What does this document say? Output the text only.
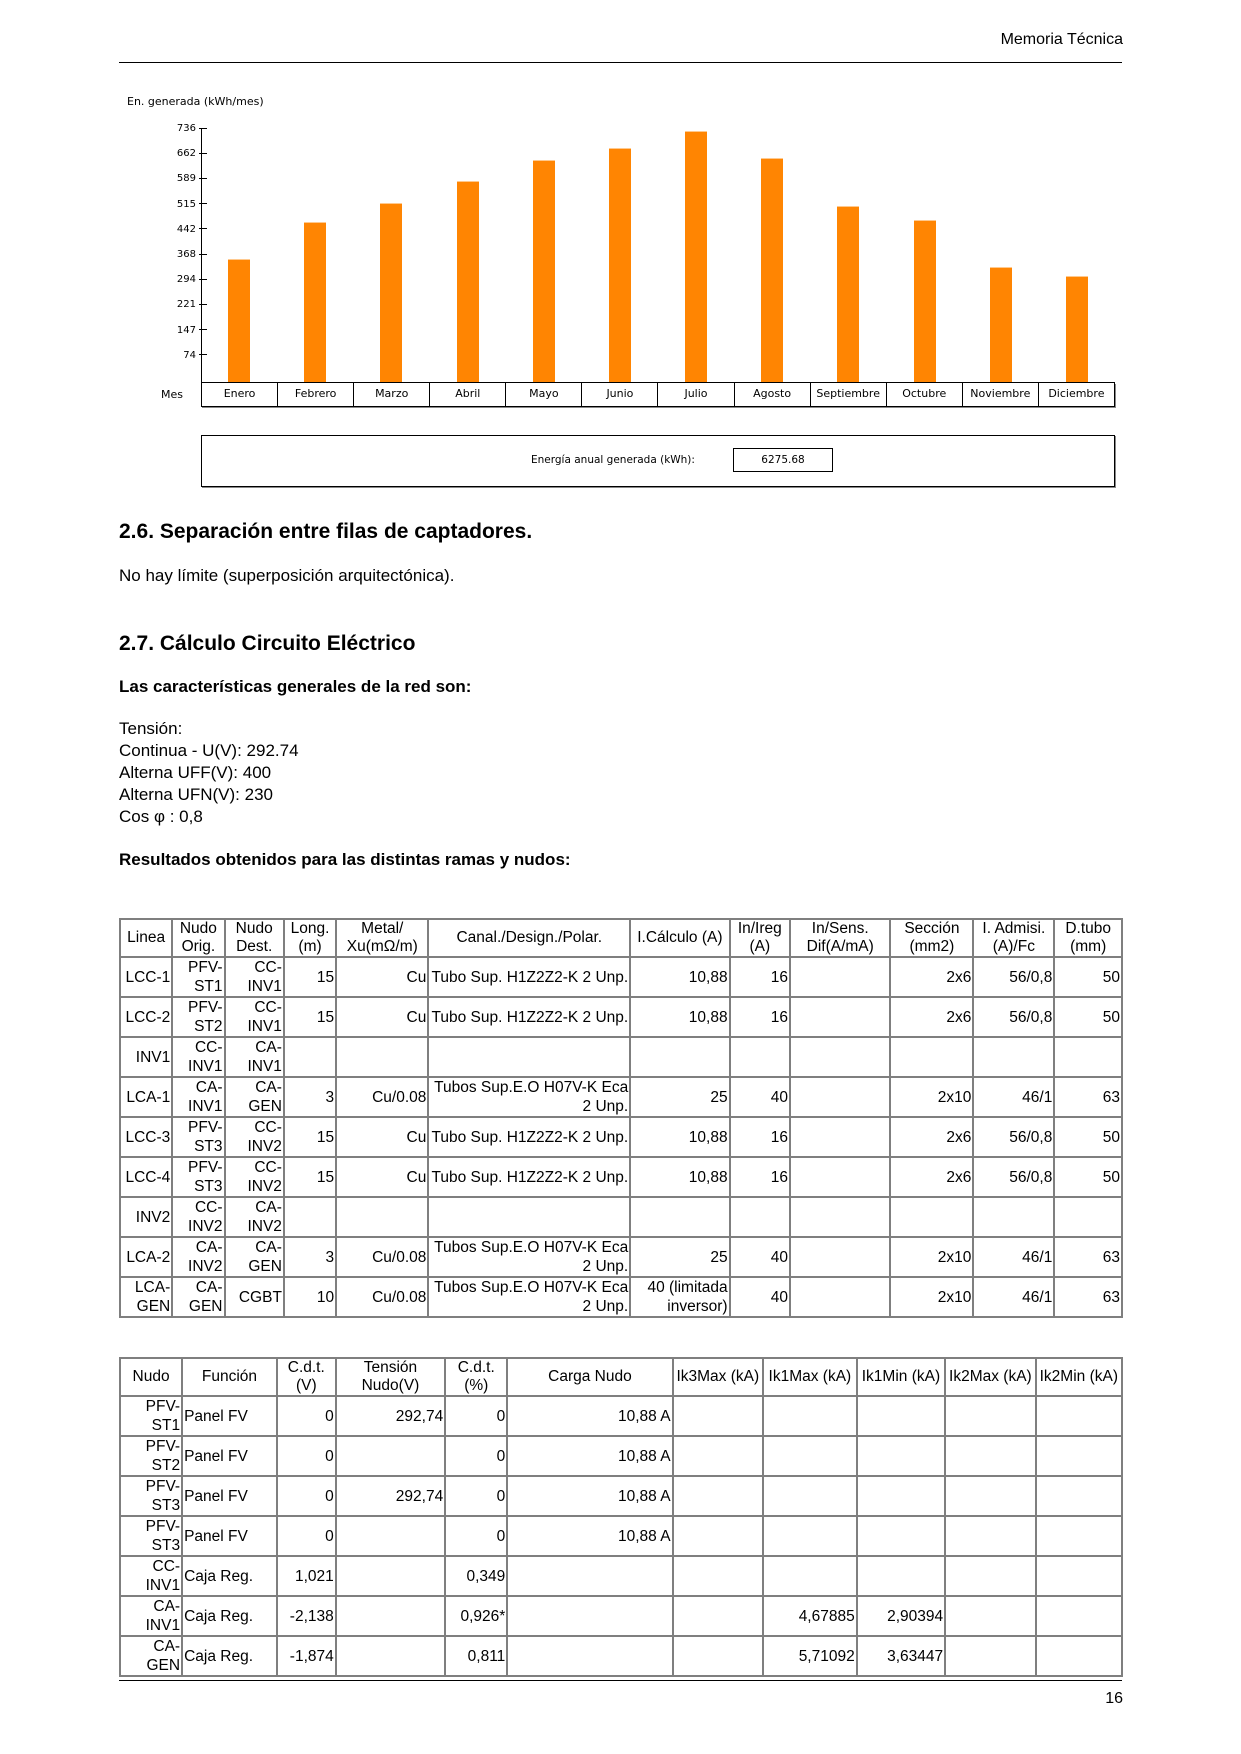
Memoria Técnica
En. generada (kWh/mes)
736
662
589
515
442
368
294
221
147
74
Mes	Enero	Febrero	Marzo	Abril	Mayo	Junio	Julio	Agosto	Septiembre	Octubre	Noviembre	Diciembre
Energía anual generada (kWh):	6275.68
2.6. Separación entre filas de captadores.
No hay límite (superposición arquitectónica).
2.7. Cálculo Circuito Eléctrico
Las características generales de la red son:
Tensión:
Continua - U(V): 292.74
Alterna UFF(V): 400
Alterna UFN(V): 230
Cos φ : 0,8
Resultados obtenidos para las distintas ramas y nudos:
Linea	Nudo Orig.	Nudo Dest.	Long. (m)	Metal/ Xu(mΩ/m)	Canal./Design./Polar.	I.Cálculo (A)	In/Ireg (A)	In/Sens. Dif(A/mA)	Sección (mm2)	I. Admisi. (A)/Fc	D.tubo (mm)
LCC-1	PFV-ST1	CC-INV1	15	Cu	Tubo Sup. H1Z2Z2-K 2 Unp.	10,88	16		2x6	56/0,8	50
LCC-2	PFV-ST2	CC-INV1	15	Cu	Tubo Sup. H1Z2Z2-K 2 Unp.	10,88	16		2x6	56/0,8	50
INV1	CC-INV1	CA-INV1									
LCA-1	CA-INV1	CA-GEN	3	Cu/0.08	Tubos Sup.E.O H07V-K Eca 2 Unp.	25	40		2x10	46/1	63
LCC-3	PFV-ST3	CC-INV2	15	Cu	Tubo Sup. H1Z2Z2-K 2 Unp.	10,88	16		2x6	56/0,8	50
LCC-4	PFV-ST3	CC-INV2	15	Cu	Tubo Sup. H1Z2Z2-K 2 Unp.	10,88	16		2x6	56/0,8	50
INV2	CC-INV2	CA-INV2									
LCA-2	CA-INV2	CA-GEN	3	Cu/0.08	Tubos Sup.E.O H07V-K Eca 2 Unp.	25	40		2x10	46/1	63
LCA-GEN	CA-GEN	CGBT	10	Cu/0.08	Tubos Sup.E.O H07V-K Eca 2 Unp.	40 (limitada inversor)	40		2x10	46/1	63
Nudo	Función	C.d.t.(V)	Tensión Nudo(V)	C.d.t.(%)	Carga Nudo	Ik3Max (kA)	Ik1Max (kA)	Ik1Min (kA)	Ik2Max (kA)	Ik2Min (kA)
PFV-ST1	Panel FV	0	292,74	0	10,88 A					
PFV-ST2	Panel FV	0		0	10,88 A					
PFV-ST3	Panel FV	0	292,74	0	10,88 A					
PFV-ST3	Panel FV	0		0	10,88 A					
CC-INV1	Caja Reg.	1,021		0,349						
CA-INV1	Caja Reg.	-2,138		0,926*			4,67885	2,90394		
CA-GEN	Caja Reg.	-1,874		0,811			5,71092	3,63447		
16
